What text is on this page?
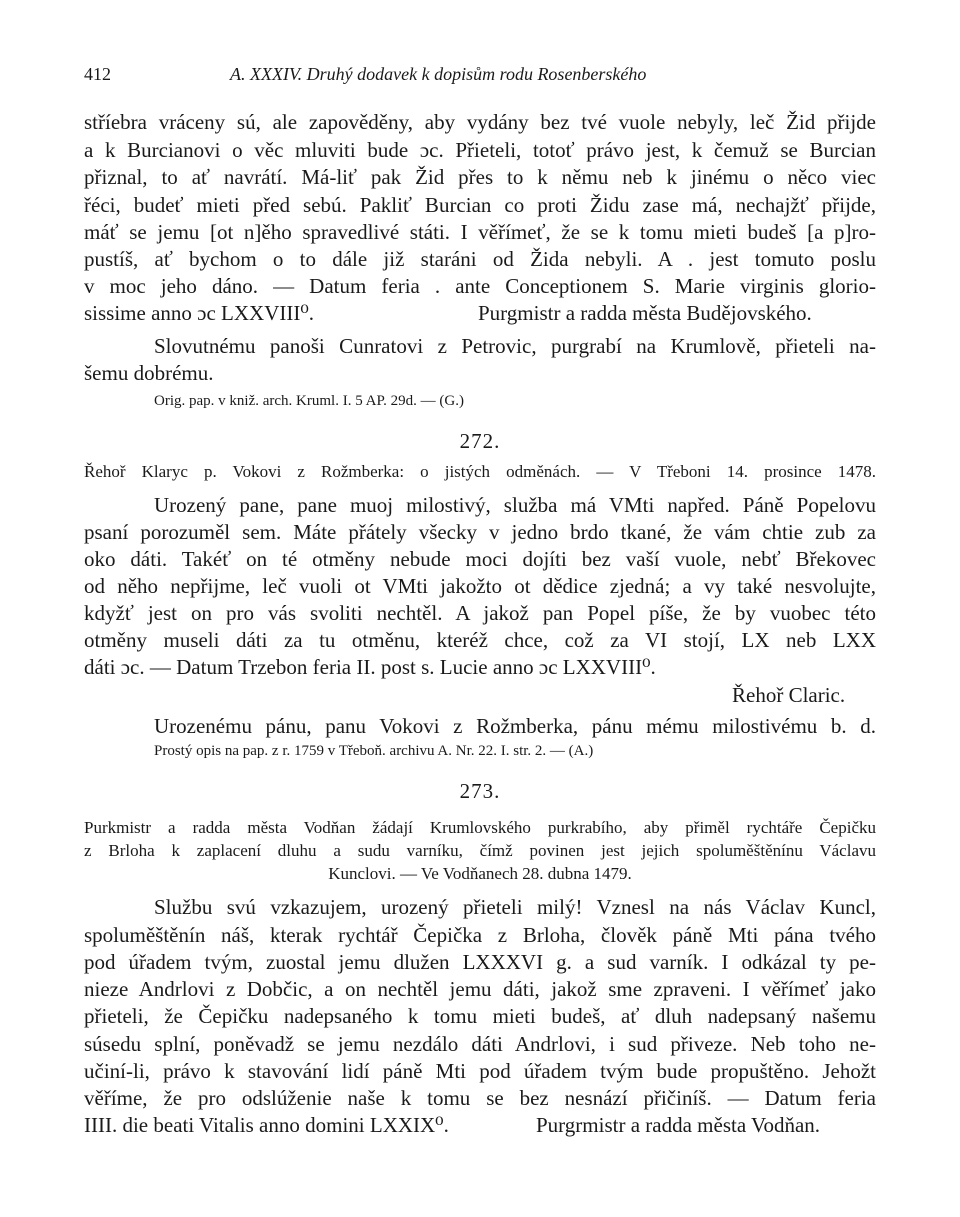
412	A. XXXIV. Druhý dodavek k dopisům rodu Rosenberského
stříebra vráceny sú, ale zapověděny, aby vydány bez tvé vuole nebyly, leč Žid přijde
a k Burcianovi o věc mluviti bude ɔc. Přieteli, totoť právo jest, k čemuž se Burcian
přiznal, to ať navrátí. Má-liť pak Žid přes to k němu neb k jinému o něco viec
řéci, budeť mieti před sebú. Pakliť Burcian co proti Židu zase má, nechajžť přijde,
máť se jemu [ot n]ěho spravedlivé státi. I věřímeť, že se k tomu mieti budeš [a p]ro-
pustíš, ať bychom o to dále již staráni od Žida nebyli. A . jest tomuto poslu
v moc jeho dáno. — Datum feria . ante Conceptionem S. Marie virginis glorio-
sissime anno ɔc LXXVIII⁰.	Purgmistr a radda města Budějovského.
Slovutnému panoši Cunratovi z Petrovic, purgrabí na Krumlově, přieteli na-
šemu dobrému.
Orig. pap. v kniž. arch. Kruml. I. 5 AP. 29d. — (G.)
272.
Řehoř Klaryc p. Vokovi z Rožmberka: o jistých odměnách. — V Třeboni 14. prosince 1478.
Urozený pane, pane muoj milostivý, služba má VMti napřed. Páně Popelovu
psaní porozuměl sem. Máte přátely všecky v jedno brdo tkané, že vám chtie zub za
oko dáti. Takéť on té otměny nebude moci dojíti bez vaší vuole, nebť Břekovec
od něho nepřijme, leč vuoli ot VMti jakožto ot dědice zjedná; a vy také nesvolujte,
kdyžť jest on pro vás svoliti nechtěl. A jakož pan Popel píše, že by vuobec této
otměny museli dáti za tu otměnu, kteréž chce, což za VI stojí, LX neb LXX
dáti ɔc. — Datum Trzebon feria II. post s. Lucie anno ɔc LXXVIII⁰.
Řehoř Claric.
Urozenému pánu, panu Vokovi z Rožmberka, pánu mému milostivému b. d.
Prostý opis na pap. z r. 1759 v Třeboň. archivu A. Nr. 22. I. str. 2. — (A.)
273.
Purkmistr a radda města Vodňan žádají Krumlovského purkrabího, aby přiměl rychtáře Čepičku
z Brloha k zaplacení dluhu a sudu varníku, čímž povinen jest jejich spoluměštěnínu Václavu
Kunclovi. — Ve Vodňanech 28. dubna 1479.
Službu svú vzkazujem, urozený přieteli milý! Vznesl na nás Václav Kuncl,
spoluměštěnín náš, kterak rychtář Čepička z Brloha, člověk páně Mti pána tvého
pod úřadem tvým, zuostal jemu dlužen LXXXVI g. a sud varník. I odkázal ty pe-
nieze Andrlovi z Dobčic, a on nechtěl jemu dáti, jakož sme zpraveni. I věřímeť jako
přieteli, že Čepičku nadepsaného k tomu mieti budeš, ať dluh nadepsaný našemu
súsedu splní, poněvadž se jemu nezdálo dáti Andrlovi, i sud přiveze. Neb toho ne-
učiní-li, právo k stavování lidí páně Mti pod úřadem tvým bude propuštěno. Jehožt
věříme, že pro odslúženie naše k tomu se bez nesnází přičiníš. — Datum feria
IIII. die beati Vitalis anno domini LXXIX⁰.	Purgrmistr a radda města Vodňan.
